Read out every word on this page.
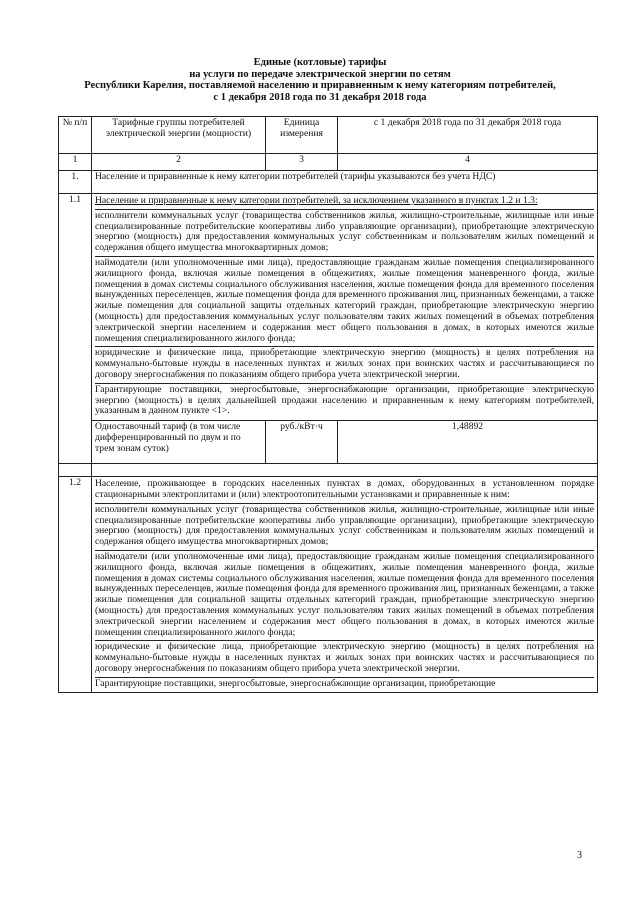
Единые (котловые) тарифы
на услуги по передаче электрической энергии по сетям
Республики Карелия, поставляемой населению и приравненным к нему категориям потребителей,
с 1 декабря 2018 года по 31 декабря 2018 года
№ п/п	Тарифные группы потребителей электрической энергии (мощности)	Единица измерения	с 1 декабря 2018 года по 31 декабря 2018 года
1	2	3	4
1.	Население и приравненные к нему категории потребителей (тарифы указываются без учета НДС)		
1.1	Население и приравненные к нему категории потребителей, за исключением указанного в пунктах 1.2 и 1.3:
исполнители коммунальных услуг (товарищества собственников жилья, жилищно-строительные, жилищные или иные специализированные потребительские кооперативы либо управляющие организации), приобретающие электрическую энергию (мощность) для предоставления коммунальных услуг собственникам и пользователям жилых помещений и содержания общего имущества многоквартирных домов;
наймодатели (или уполномоченные ими лица), предоставляющие гражданам жилые помещения специализированного жилищного фонда, включая жилые помещения в общежитиях, жилые помещения маневренного фонда, жилые помещения в домах системы социального обслуживания населения, жилые помещения фонда для временного поселения вынужденных переселенцев, жилые помещения фонда для временного проживания лиц, признанных беженцами, а также жилые помещения для социальной защиты отдельных категорий граждан, приобретающие электрическую энергию (мощность) для предоставления коммунальных услуг пользователям таких жилых помещений в объемах потребления электрической энергии населением и содержания мест общего пользования в домах, в которых имеются жилые помещения специализированного жилого фонда;
юридические и физические лица, приобретающие электрическую энергию (мощность) в целях потребления на коммунально-бытовые нужды в населенных пунктах и жилых зонах при воинских частях и рассчитывающиеся по договору энергоснабжения по показаниям общего прибора учета электрической энергии.
Гарантирующие поставщики, энергосбытовые, энергоснабжающие организации, приобретающие электрическую энергию (мощность) в целях дальнейшей продажи населению и приравненным к нему категориям потребителей, указанным в данном пункте <1>.		

	Одноставочный тариф (в том числе дифференцированный по двум и по трем зонам суток)	руб./кВт·ч	1,48892

1.2	Население, проживающее в городских населенных пунктах в домах, оборудованных в установленном порядке стационарными электроплитами и (или) электроотопительными установками и приравненные к ним:
исполнители коммунальных услуг (товарищества собственников жилья, жилищно-строительные, жилищные или иные специализированные потребительские кооперативы либо управляющие организации), приобретающие электрическую энергию (мощность) для предоставления коммунальных услуг собственникам и пользователям жилых помещений и содержания общего имущества многоквартирных домов;
наймодатели (или уполномоченные ими лица), предоставляющие гражданам жилые помещения специализированного жилищного фонда, включая жилые помещения в общежитиях, жилые помещения маневренного фонда, жилые помещения в домах системы социального обслуживания населения, жилые помещения фонда для временного поселения вынужденных переселенцев, жилые помещения фонда для временного проживания лиц, признанных беженцами, а также жилые помещения для социальной защиты отдельных категорий граждан, приобретающие электрическую энергию (мощность) для предоставления коммунальных услуг пользователям таких жилых помещений в объемах потребления электрической энергии населением и содержания мест общего пользования в домах, в которых имеются жилые помещения специализированного жилого фонда;
юридические и физические лица, приобретающие электрическую энергию (мощность) в целях потребления на коммунально-бытовые нужды в населенных пунктах и жилых зонах при воинских частях и рассчитывающиеся по договору энергоснабжения по показаниям общего прибора учета электрической энергии.
Гарантирующие поставщики, энергосбытовые, энергоснабжающие организации, приобретающие		
3
